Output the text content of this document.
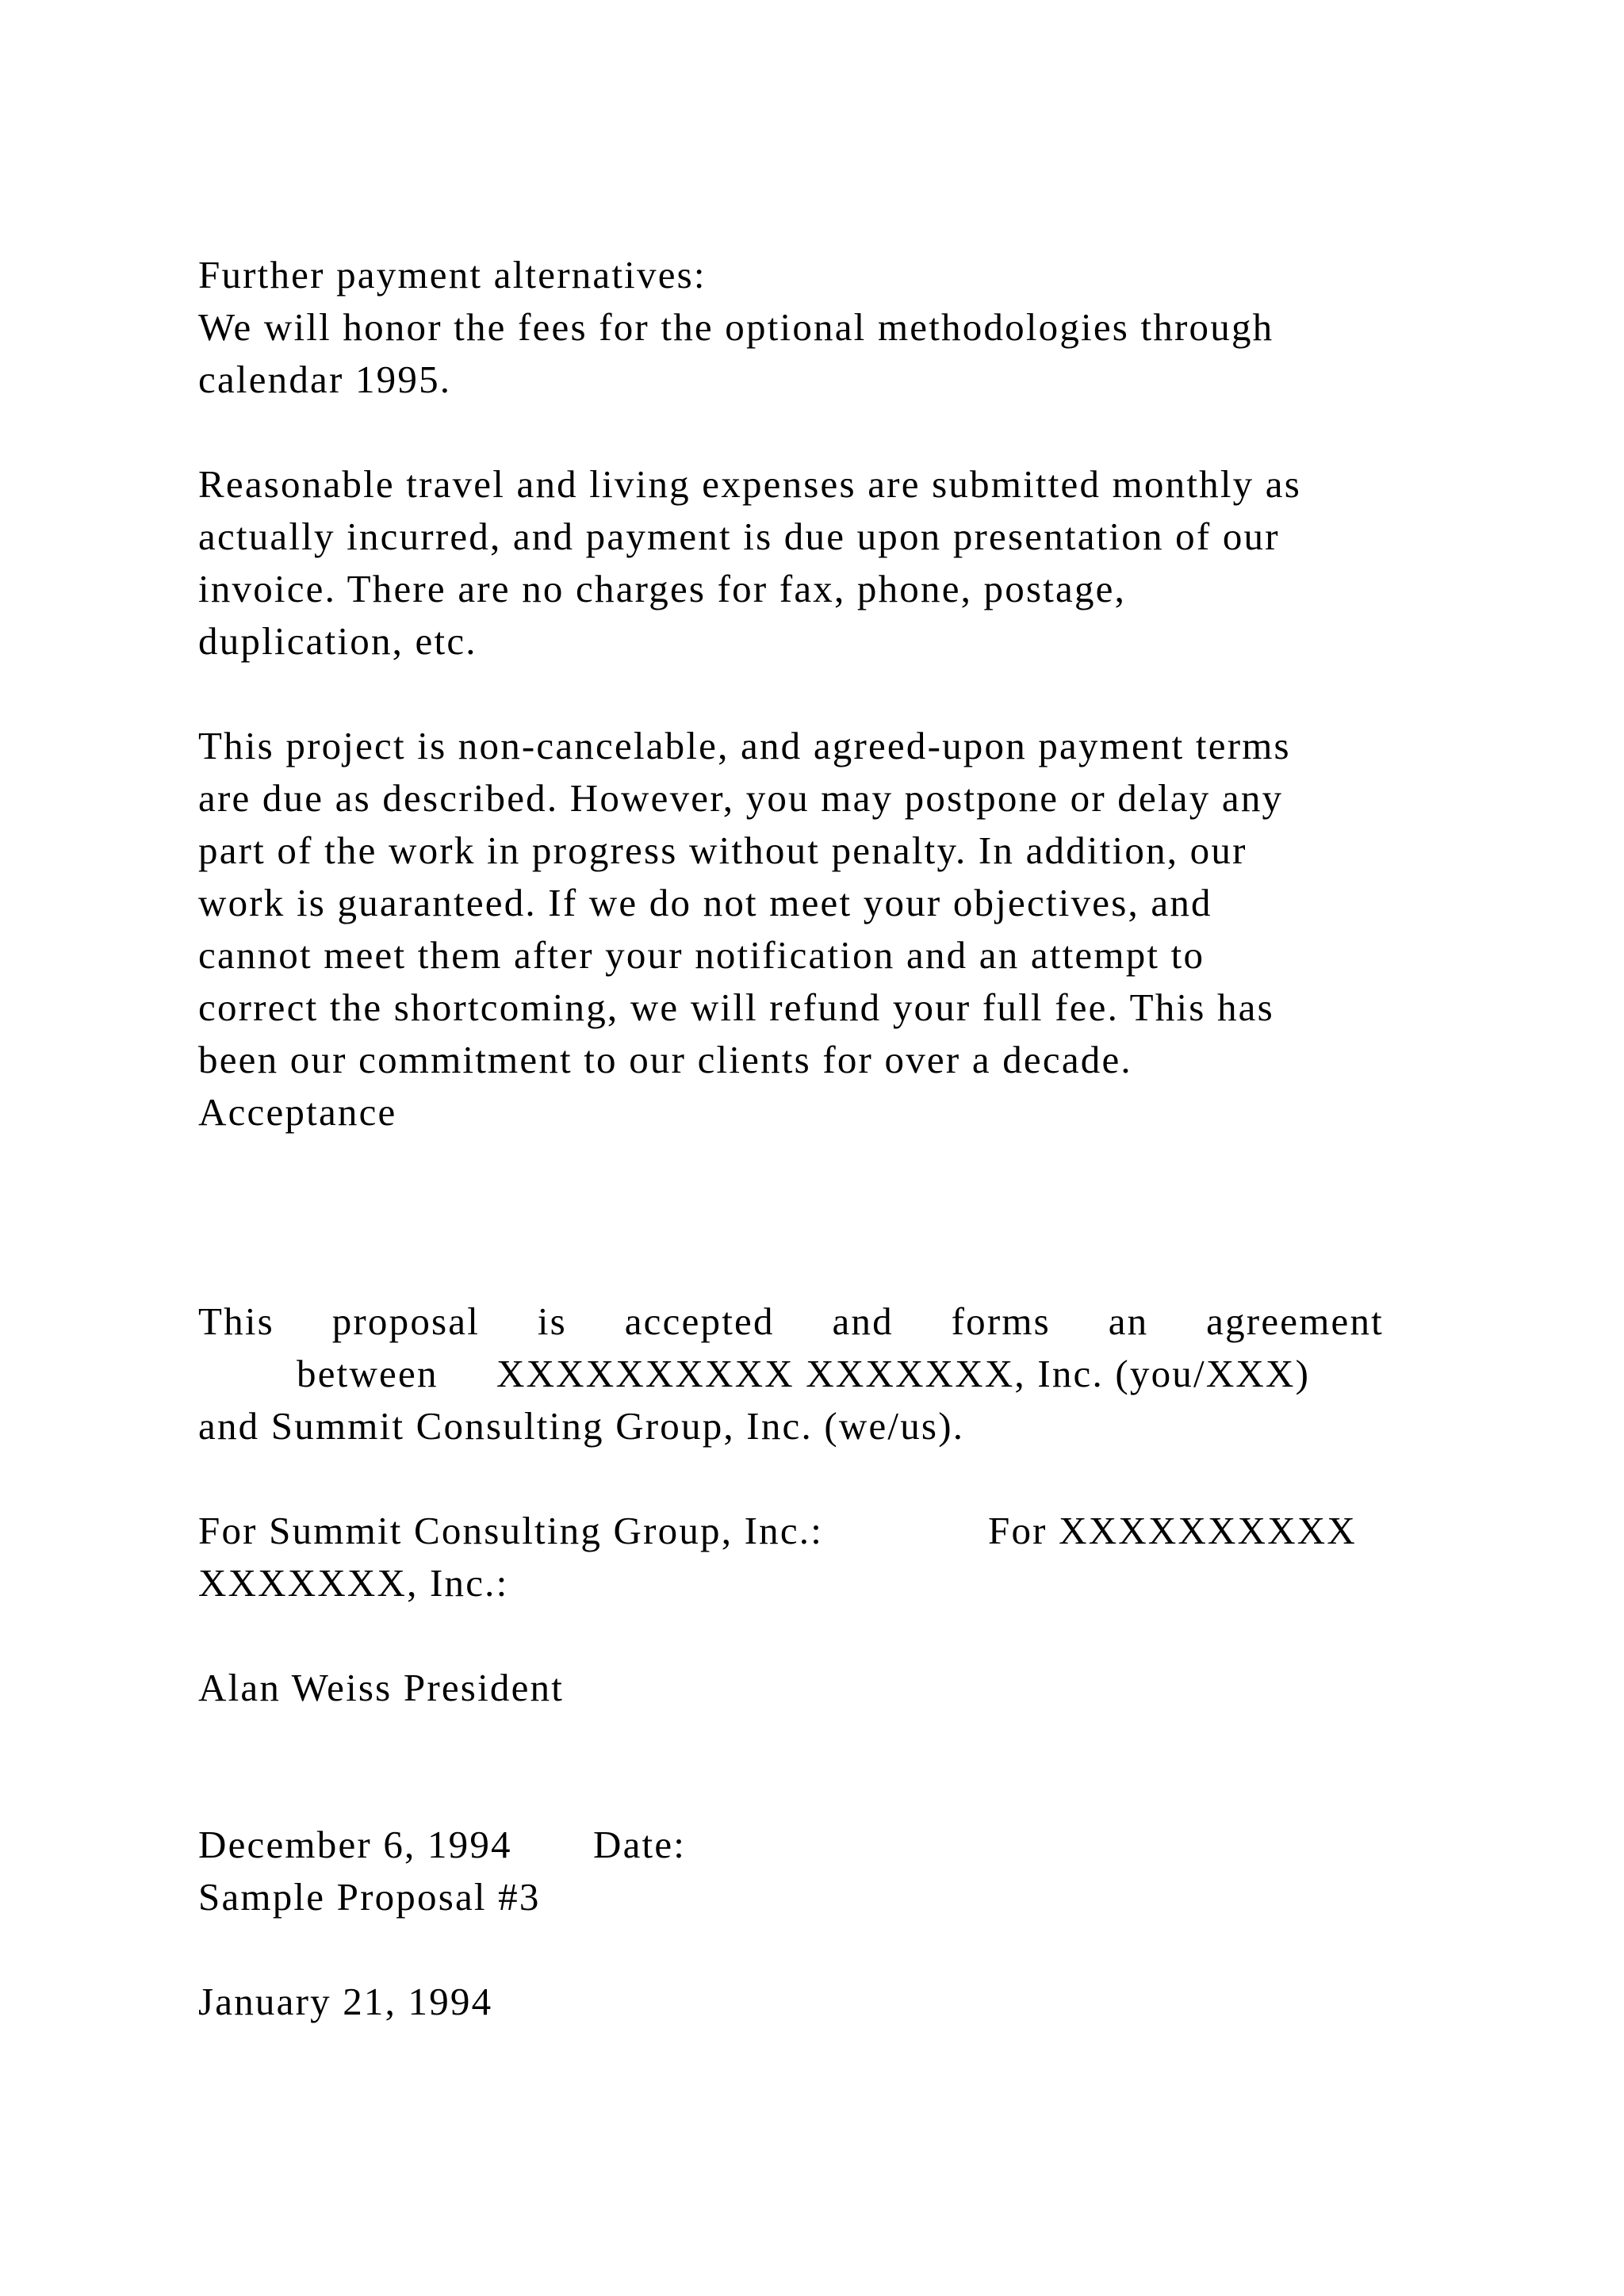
Further payment alternatives:
We will honor the fees for the optional methodologies through
calendar 1995.
Reasonable travel and living expenses are submitted monthly as
actually incurred, and payment is due upon presentation of our
invoice. There are no charges for fax, phone, postage,
duplication, etc.
This project is non-cancelable, and agreed-upon payment terms
are due as described. However, you may postpone or delay any
part of the work in progress without penalty. In addition, our
work is guaranteed. If we do not meet your objectives, and
cannot meet them after your notification and an attempt to
correct the shortcoming, we will refund your full fee. This has
been our commitment to our clients for over a decade.
Acceptance
This proposal is accepted and forms an agreement
between XXXXXXXXXX XXXXXXX, Inc. (you/XXX)
and Summit Consulting Group, Inc. (we/us).
For Summit Consulting Group, Inc.:	For XXXXXXXXXX
XXXXXXX, Inc.:
Alan Weiss President
December 6, 1994 Date:
Sample Proposal #3
January 21, 1994
